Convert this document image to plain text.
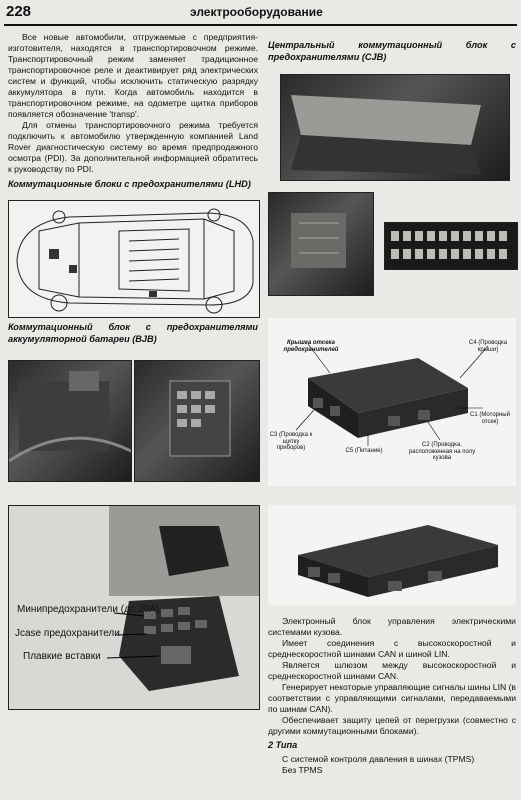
228	электрооборудование

Все новые автомобили, отгружаемые с предприятия-изготовителя, находятся в транспортировочном режиме. Транспортировочный режим заменяет традиционное транспортировочное реле и деактивирует ряд электрических систем и функций, чтобы исключить статическую разрядку аккумулятора в пути. Когда автомобиль находится в транспортировочном режиме, на одометре щитка приборов появляется обозначение 'transp'.

Для отмены транспортировочного режима требуется подключить к автомобилю утвержденную компанией Land Rover диагностическую систему во время предпродажного осмотра (PDI). За дополнительной информацией обратитесь к руководству по PDI.

Коммутационные блоки с предохранителями (LHD)

Коммутационный блок с предохранителями аккумуляторной батареи (BJB)

Минипредохранители (до 20А)
Jcase предохранители
Плавкие вставки

Центральный коммутационный блок с предохранителями (CJB)

Крышка отсека предохранителей
C4 (Проводка крыши)
C1 (Моторный отсек)
C3 (Проводка к щитку приборов)	C5 (Питание)
C2 (Проводка, расположенная на полу кузова

Электронный блок управления электрическими системами кузова.

Имеет соединения с высокоскоростной и среднескоростной шинами CAN и шиной LIN.

Является шлюзом между высокоскоростной и среднескоростной шинами CAN.

Генерирует некоторые управляющие сигналы шины LIN (в соответствии с управляющими сигналами, передаваемыми по шинам CAN).

Обеспечивает защиту цепей от перегрузки (совместно с другими коммутационными блоками).

2 Типа

С системой контроля давления в шинах (TPMS)

Без TPMS
